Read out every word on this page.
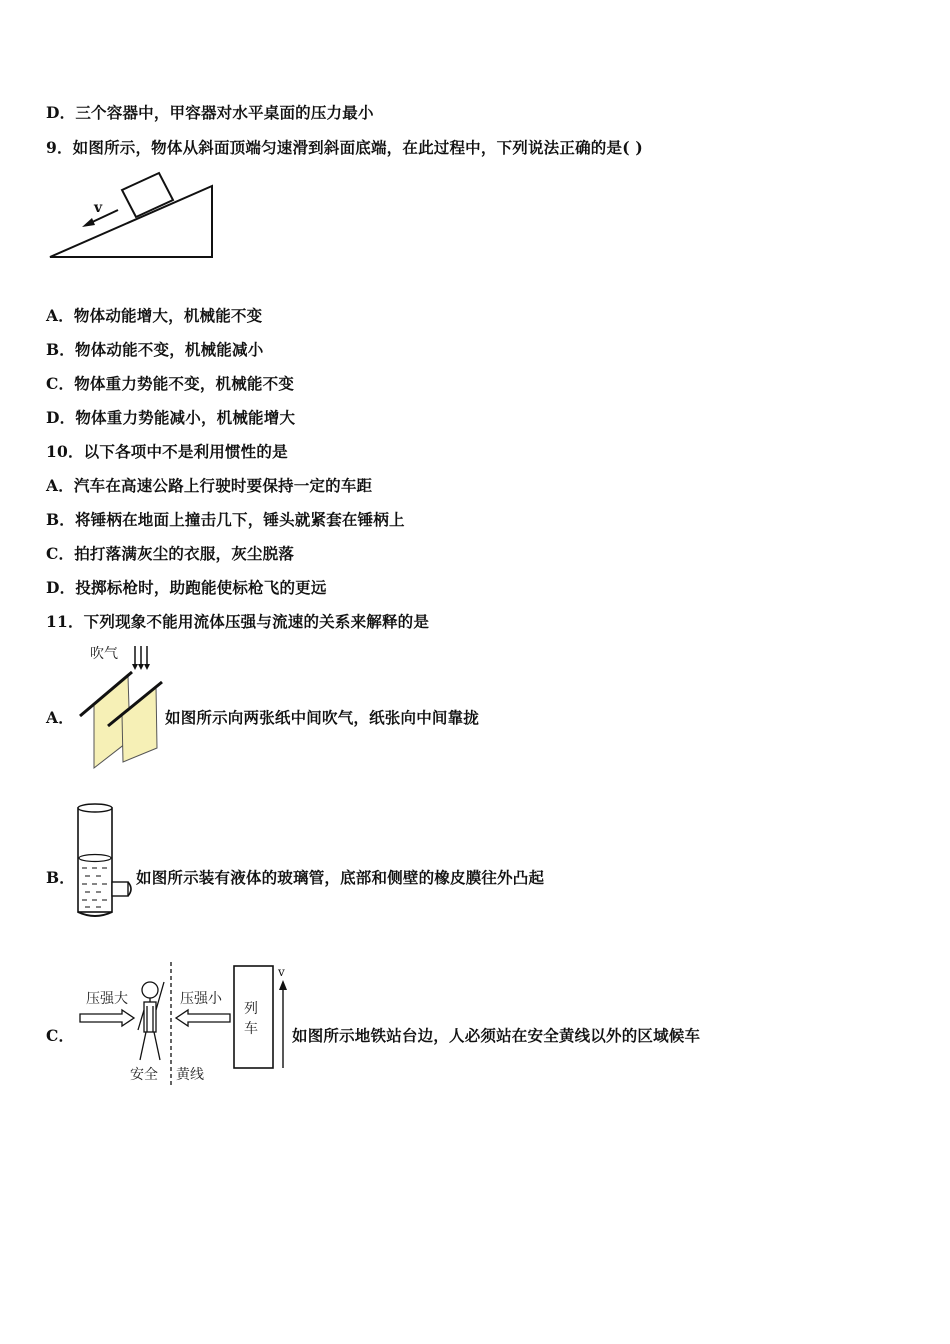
D．三个容器中，甲容器对水平桌面的压力最小
9．如图所示，物体从斜面顶端匀速滑到斜面底端，在此过程中，下列说法正确的是( )
v
A．物体动能增大，机械能不变
B．物体动能不变，机械能减小
C．物体重力势能不变，机械能不变
D．物体重力势能减小，机械能增大
10．以下各项中不是利用惯性的是
A．汽车在高速公路上行驶时要保持一定的车距
B．将锤柄在地面上撞击几下，锤头就紧套在锤柄上
C．拍打落满灰尘的衣服，灰尘脱落
D．投掷标枪时，助跑能使标枪飞的更远
11．下列现象不能用流体压强与流速的关系来解释的是
A．
吹气
如图所示向两张纸中间吹气，纸张向中间靠拢
B．	如图所示装有液体的玻璃管，底部和侧壁的橡皮膜往外凸起
C．
压强大	压强小
安全 黄线
列
车
v
如图所示地铁站台边，人必须站在安全黄线以外的区域候车
